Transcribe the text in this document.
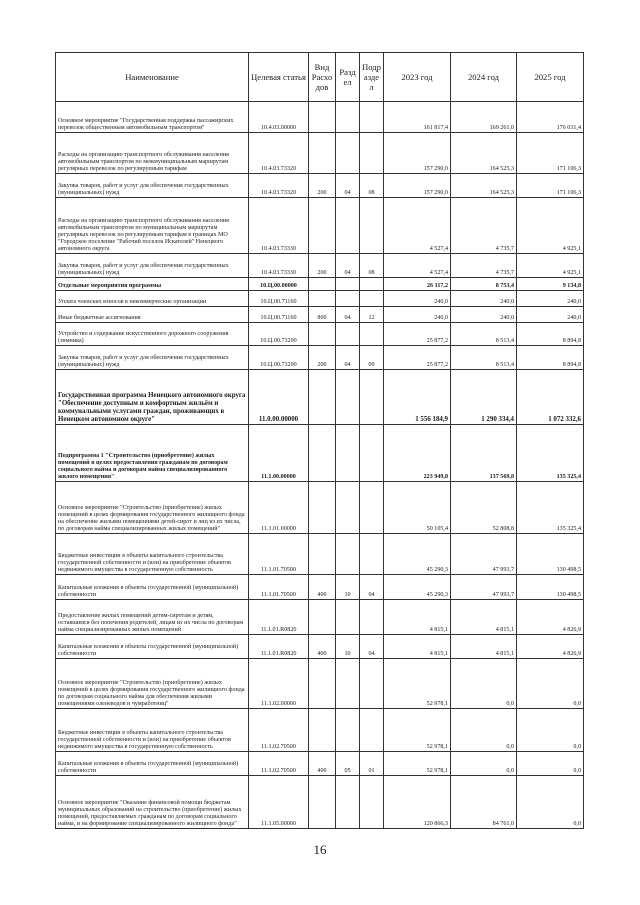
Наименование	Целевая статья	Вид Расхо дов	Разд ел	Подр азде л	2023 год	2024 год	2025 год
Основное мероприятие "Государственная поддержка пассажирских перевозок общественным автомобильным транспортом"	10.4.03.00000				161 817,4	169 261,0	176 031,4
Расходы на организацию транспортного обслуживания населения автомобильным транспортом по межмуниципальным маршрутам регулярных перевозок по регулируемым тарифам	10.4.03.73320				157 290,0	164 525,3	171 106,3
Закупка товаров, работ и услуг для обеспечения государственных (муниципальных) нужд	10.4.03.73320	200	04	08	157 290,0	164 525,3	171 106,3
Расходы на организацию транспортного обслуживания населения автомобильным транспортом по муниципальным маршрутам регулярных перевозок по регулируемым тарифам в границах МО "Городское поселение "Рабочий поселок Искателей" Ненецкого автономного округа	10.4.03.73330				4 527,4	4 735,7	4 925,1
Закупка товаров, работ и услуг для обеспечения государственных (муниципальных) нужд	10.4.03.73330	200	04	08	4 527,4	4 735,7	4 925,1
Отдельные мероприятия программы	10.Ц.00.00000				26 117,2	8 753,4	9 134,8
Уплата членских взносов в некоммерческие организации	10.Ц.00.71160				240,0	240,0	240,0
Иные бюджетные ассигнования	10.Ц.00.71160	800	04	12	240,0	240,0	240,0
Устройство и содержание искусственного дорожного сооружения (зимника)	10.Ц.00.73290				25 877,2	8 513,4	8 894,8
Закупка товаров, работ и услуг для обеспечения государственных (муниципальных) нужд	10.Ц.00.73290	200	04	09	25 877,2	8 513,4	8 894,8
Государственная программа Ненецкого автономного округа "Обеспечение доступным и комфортным жильём и коммунальными услугами граждан, проживающих в Ненецком автономном округе"	11.0.00.00000				1 556 184,9	1 290 334,4	1 072 332,6
Подпрограмма 1 "Строительство (приобретение) жилых помещений в целях предоставления гражданам по договорам социального найма и договорам найма специализированного жилого помещения"	11.1.00.00000				223 949,8	137 569,8	135 325,4
Основное мероприятие "Строительство (приобретение) жилых помещений в целях формирования государственного жилищного фонда на обеспечение жилыми помещениями детей-сирот и лиц из их числа, по договорам найма специализированных жилых помещений"	11.1.01.00000				50 105,4	52 808,8	135 325,4
Бюджетные инвестиции в объекты капитального строительства государственной собственности и (или) на приобретение объектов недвижимого имущества в государственную собственность	11.1.01.70500				45 290,3	47 993,7	130 498,5
Капитальные вложения в объекты государственной (муниципальной) собственности	11.1.01.70500	400	10	04	45 290,3	47 993,7	130 498,5
Предоставление жилых помещений детям-сиротам и детям, оставшимся без попечения родителей, лицам из их числа по договорам найма специализированных жилых помещений	11.1.01.R0820				4 815,1	4 815,1	4 826,9
Капитальные вложения в объекты государственной (муниципальной) собственности	11.1.01.R0820	400	10	04	4 815,1	4 815,1	4 826,9
Основное мероприятие "Строительство (приобретение) жилых помещений в целях формирования государственного жилищного фонда по договорам социального найма для обеспечения жилыми помещениями оленеводов и чумработниц"	11.1.02.00000				52 978,1	0,0	0,0
Бюджетные инвестиции в объекты капитального строительства государственной собственности и (или) на приобретение объектов недвижимого имущества в государственную собственность	11.1.02.70500				52 978,1	0,0	0,0
Капитальные вложения в объекты государственной (муниципальной) собственности	11.1.02.70500	400	05	01	52 978,1	0,0	0,0
Основное мероприятие "Оказание финансовой помощи бюджетам муниципальных образований на строительство (приобретение) жилых помещений, предоставляемых гражданам по договорам социального найма, и на формирование специализированного жилищного фонда"	11.1.05.00000				120 866,3	84 761,0	0,0
16
